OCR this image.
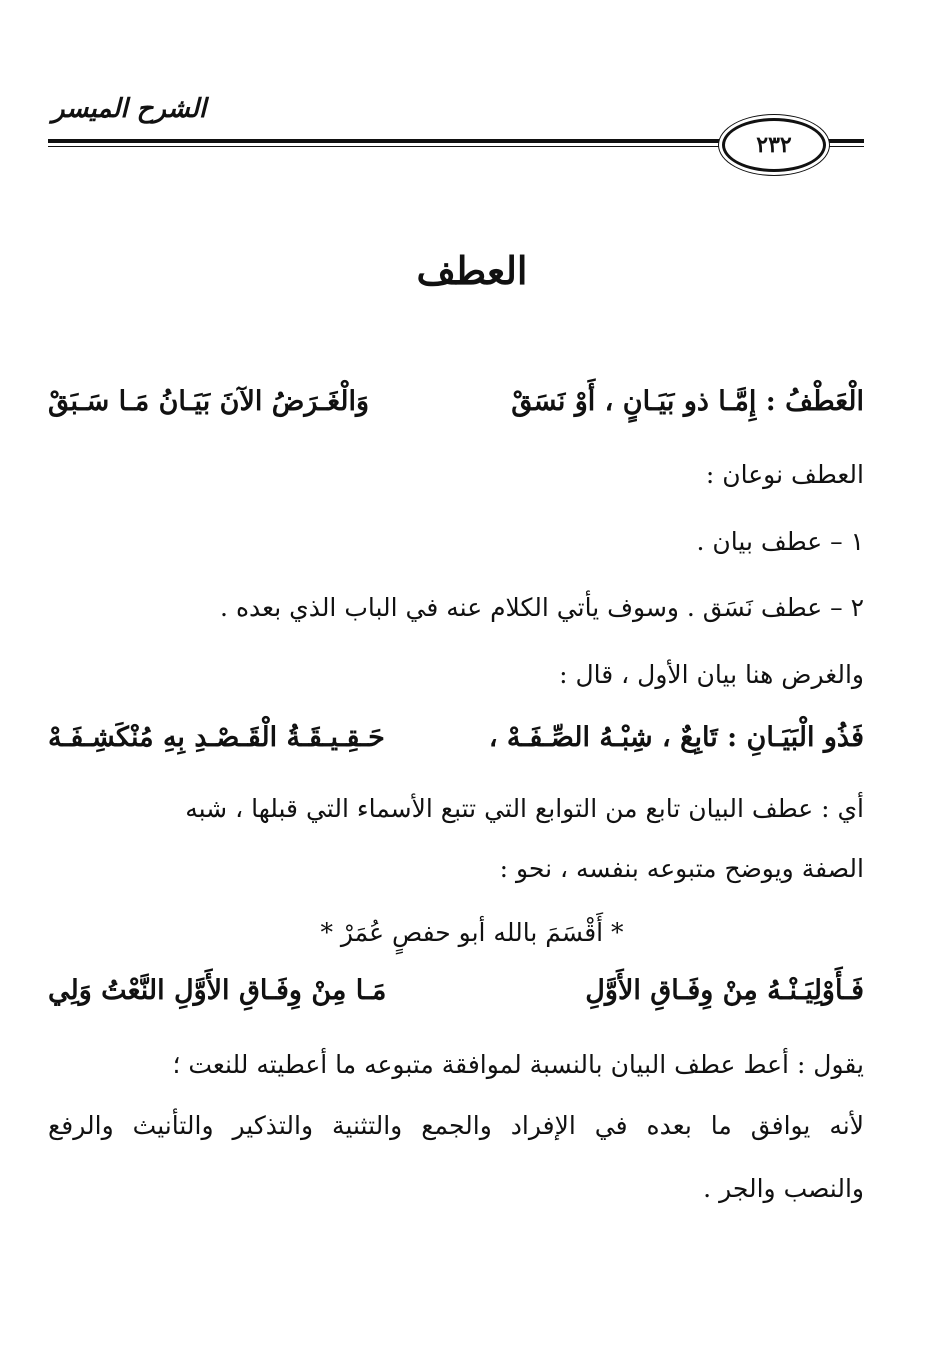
الشرح الميسر
٢٣٢
العطف
الْعَطْفُ : إِمَّـا ذو بَيَـانٍ ، أَوْ نَسَقْ
وَالْغَـرَضُ الآنَ بَيَـانُ مَـا سَـبَقْ
العطف نوعان :
١ – عطف بيان .
٢ – عطف نَسَق . وسوف يأتي الكلام عنه في الباب الذي بعده .
والغرض هنا بيان الأول ، قال :
فَذُو الْبَيَـانِ : تَابِعٌ ، شِبْـهُ الصِّـفَـهْ ،
حَـقِـيـقَـةُ الْقَـصْـدِ بِهِ مُنْكَشِـفَـهْ
أي : عطف البيان تابع من التوابع التي تتبع الأسماء التي قبلها ، شبه
الصفة ويوضح متبوعه بنفسه ، نحو :
* أَقْسَمَ بالله أبو حفصٍ عُمَرْ *
فَـأَوْلِيَـنْـهُ مِنْ وِفَـاقِ الأَوَّلِ
مَـا مِنْ وِفَـاقِ الأَوَّلِ النَّعْتُ وَلِي
يقول : أعط عطف البيان بالنسبة لموافقة متبوعه ما أعطيته للنعت ؛
لأنه يوافق ما بعده في الإفراد والجمع والتثنية والتذكير والتأنيث والرفع
والنصب والجر .
